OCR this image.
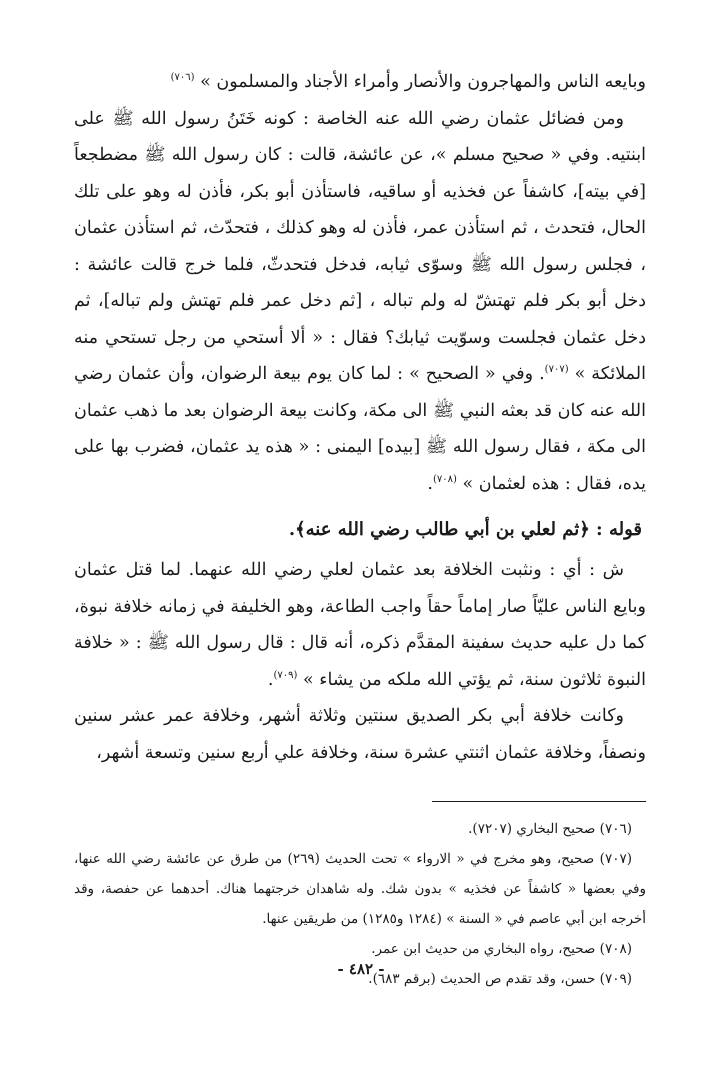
وبايعه الناس والمهاجرون والأنصار وأمراء الأجناد والمسلمون » $^{(٧٠٦)}$

ومن فضائل عثمان رضي الله عنه الخاصة : كونه خَتَنُ رسول الله ﷺ على ابنتيه. وفي « صحيح مسلم »، عن عائشة، قالت : كان رسول الله ﷺ مضطجعاً [في بيته]، كاشفاً عن فخذيه أو ساقيه، فاستأذن أبو بكر، فأذن له وهو على تلك الحال، فتحدث ، ثم استأذن عمر، فأذن له وهو كذلك ، فتحدّث، ثم استأذن عثمان ، فجلس رسول الله ﷺ وسوّى ثيابه، فدخل فتحدثّ، فلما خرج قالت عائشة : دخل أبو بكر فلم تهتشّ له ولم تباله ، [ثم دخل عمر فلم تهتش ولم تباله]، ثم دخل عثمان فجلست وسوّيت ثيابك؟ فقال : « ألا أستحي من رجل تستحي منه الملائكة » $^{(٧٠٧)}$. وفي « الصحيح » : لما كان يوم بيعة الرضوان، وأن عثمان رضي الله عنه كان قد بعثه النبي ﷺ الى مكة، وكانت بيعة الرضوان بعد ما ذهب عثمان الى مكة ، فقال رسول الله ﷺ [بيده] اليمنى : « هذه يد عثمان، فضرب بها على يده، فقال : هذه لعثمان » $^{(٧٠٨)}$.

قوله : ﴿ثم لعلي بن أبي طالب رضي الله عنه﴾.

ش : أي : ونثبت الخلافة بعد عثمان لعلي رضي الله عنهما. لما قتل عثمان وبايع الناس عليّاً صار إماماً حقاً واجب الطاعة، وهو الخليفة في زمانه خلافة نبوة، كما دل عليه حديث سفينة المقدَّم ذكره، أنه قال : قال رسول الله ﷺ : « خلافة النبوة ثلاثون سنة، ثم يؤتي الله ملكه من يشاء » $^{(٧٠٩)}$.

وكانت خلافة أبي بكر الصديق سنتين وثلاثة أشهر، وخلافة عمر عشر سنين ونصفاً، وخلافة عثمان اثنتي عشرة سنة، وخلافة علي أربع سنين وتسعة أشهر،

(٧٠٦) صحيح البخاري (٧٢٠٧).

(٧٠٧) صحيح، وهو مخرج في « الارواء » تحت الحديث (٢٦٩) من طرق عن عائشة رضي الله عنها، وفي بعضها « كاشفاً عن فخذيه » بدون شك. وله شاهدان خرجتهما هناك. أحدهما عن حفصة، وقد أخرجه ابن أبي عاصم في « السنة » (١٢٨٤ و١٢٨٥) من طريقين عنها.

(٧٠٨) صحيح، رواه البخاري من حديث ابن عمر.

(٧٠٩) حسن، وقد تقدم ص الحديث (برقم ٦٨٣).

- ٤٨٢ -
